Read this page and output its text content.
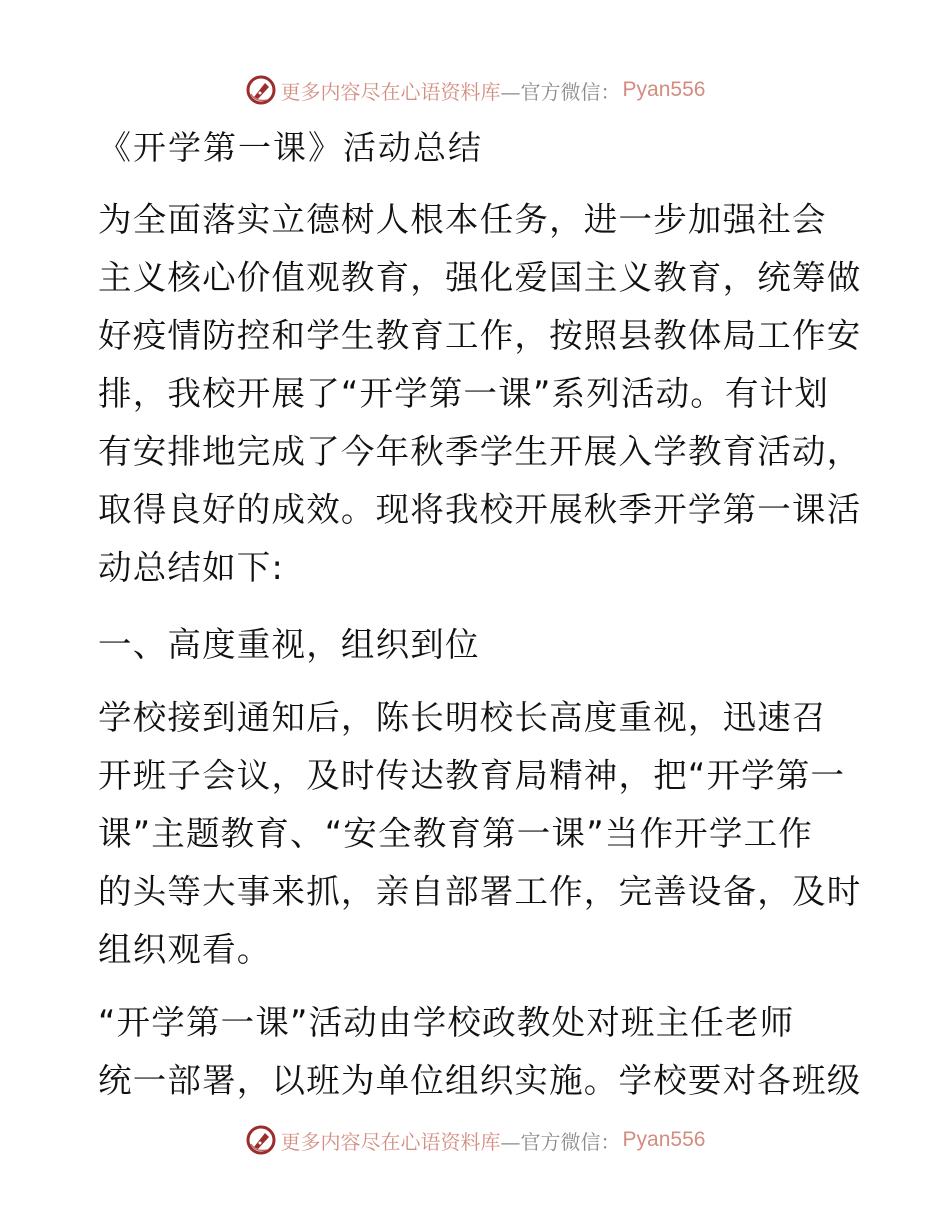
更多内容尽在心语资料库 —官方微信： Pyan556
《开学第一课》活动总结
为全面落实立德树人根本任务，进一步加强社会
主义核心价值观教育，强化爱国主义教育，统筹做
好疫情防控和学生教育工作，按照县教体局工作安
排，我校开展了“开学第一课”系列活动。有计划
有安排地完成了今年秋季学生开展入学教育活动，
取得良好的成效。现将我校开展秋季开学第一课活
动总结如下:
一、高度重视，组织到位
学校接到通知后，陈长明校长高度重视，迅速召
开班子会议，及时传达教育局精神，把“开学第一
课”主题教育、“安全教育第一课”当作开学工作
的头等大事来抓，亲自部署工作，完善设备，及时
组织观看。
“开学第一课”活动由学校政教处对班主任老师
统一部署，以班为单位组织实施。学校要对各班级
更多内容尽在心语资料库 —官方微信： Pyan556
